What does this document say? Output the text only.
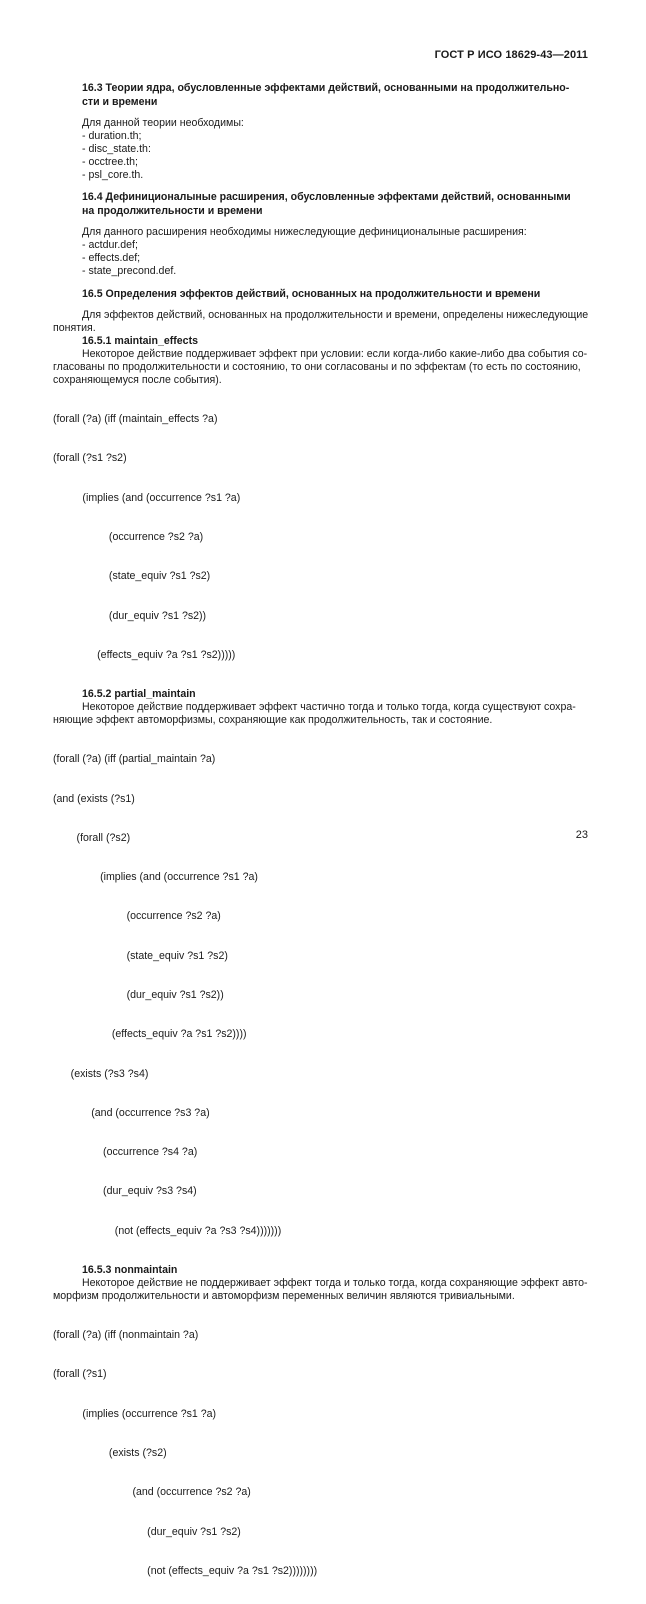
ГОСТ Р ИСО 18629-43—2011
16.3 Теории ядра, обусловленные эффектами действий, основанными на продолжительно-
сти и времени

Для данной теории необходимы:

- duration.th;
- disc_state.th:
- occtree.th;
- psl_core.th.
16.4 Дефиниционалыные расширения, обусловленные эффектами действий, основанными
на продолжительности и времени

Для данного расширения необходимы нижеследующие дефиниционалыные расширения:

- actdur.def;
- effects.def;
- state_precond.def.
16.5 Определения эффектов действий, основанных на продолжительности и времени
Для эффектов действий, основанных на продолжительности и времени, определены нижеследующие
понятия.
16.5.1 maintain_effects
Некоторое действие поддерживает эффект при условии: если когда-либо какие-либо два события со-
гласованы по продолжительности и состоянию, то они согласованы и по эффектам (то есть по состоянию,
сохраняющемуся после события).

(forall (?a) (iff (maintain_effects ?a)

(forall (?s1 ?s2)

(implies (and (occurrence ?s1 ?a)

(occurrence ?s2 ?a)

(state_equiv ?s1 ?s2)

(dur_equiv ?s1 ?s2))

(effects_equiv ?a ?s1 ?s2)))))

16.5.2 partial_maintain
Некоторое действие поддерживает эффект частично тогда и только тогда, когда существуют сохра-
няющие эффект автоморфизмы, сохраняющие как продолжительность, так и состояние.

(forall (?a) (iff (partial_maintain ?a)

(and (exists (?s1)

(forall (?s2)

(implies (and (occurrence ?s1 ?a)

(occurrence ?s2 ?a)

(state_equiv ?s1 ?s2)

(dur_equiv ?s1 ?s2))

(effects_equiv ?a ?s1 ?s2))))

(exists (?s3 ?s4)

(and (occurrence ?s3 ?a)

(occurrence ?s4 ?a)

(dur_equiv ?s3 ?s4)

(not (effects_equiv ?a ?s3 ?s4)))))))

16.5.3 nonmaintain
Некоторое действие не поддерживает эффект тогда и только тогда, когда сохраняющие эффект авто-
морфизм продолжительности и автоморфизм переменных величин являются тривиальными.

(forall (?a) (iff (nonmaintain ?a)

(forall (?s1)

(implies (occurrence ?s1 ?a)

(exists (?s2)

(and (occurrence ?s2 ?a)

(dur_equiv ?s1 ?s2)

(not (effects_equiv ?a ?s1 ?s2))))))))

23
